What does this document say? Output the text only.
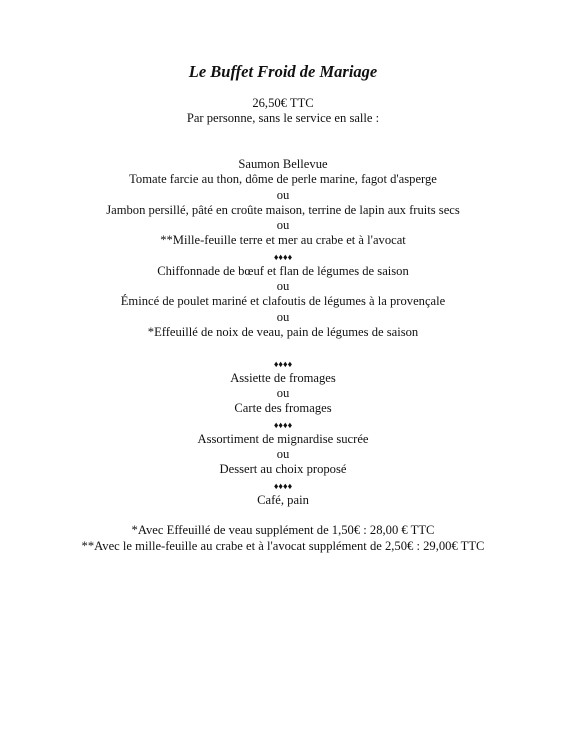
Le Buffet Froid de Mariage
26,50€ TTC
Par personne, sans le service en salle :
Saumon Bellevue
Tomate farcie au thon, dôme de perle marine, fagot d'asperge
ou
Jambon persillé, pâté en croûte maison, terrine de lapin aux fruits secs
ou
**Mille-feuille terre et mer au crabe et à l'avocat
♦♦♦♦
Chiffonnade de bœuf et flan de légumes de saison
ou
Émincé de poulet mariné et clafoutis de légumes à la provençale
ou
*Effeuillé de noix de veau, pain de légumes de saison
♦♦♦♦
Assiette de fromages
ou
Carte des fromages
♦♦♦♦
Assortiment de mignardise sucrée
ou
Dessert au choix proposé
♦♦♦♦
Café, pain
*Avec Effeuillé de veau supplément de 1,50€ : 28,00 € TTC
**Avec le mille-feuille au crabe et à l'avocat supplément de 2,50€ : 29,00€ TTC
